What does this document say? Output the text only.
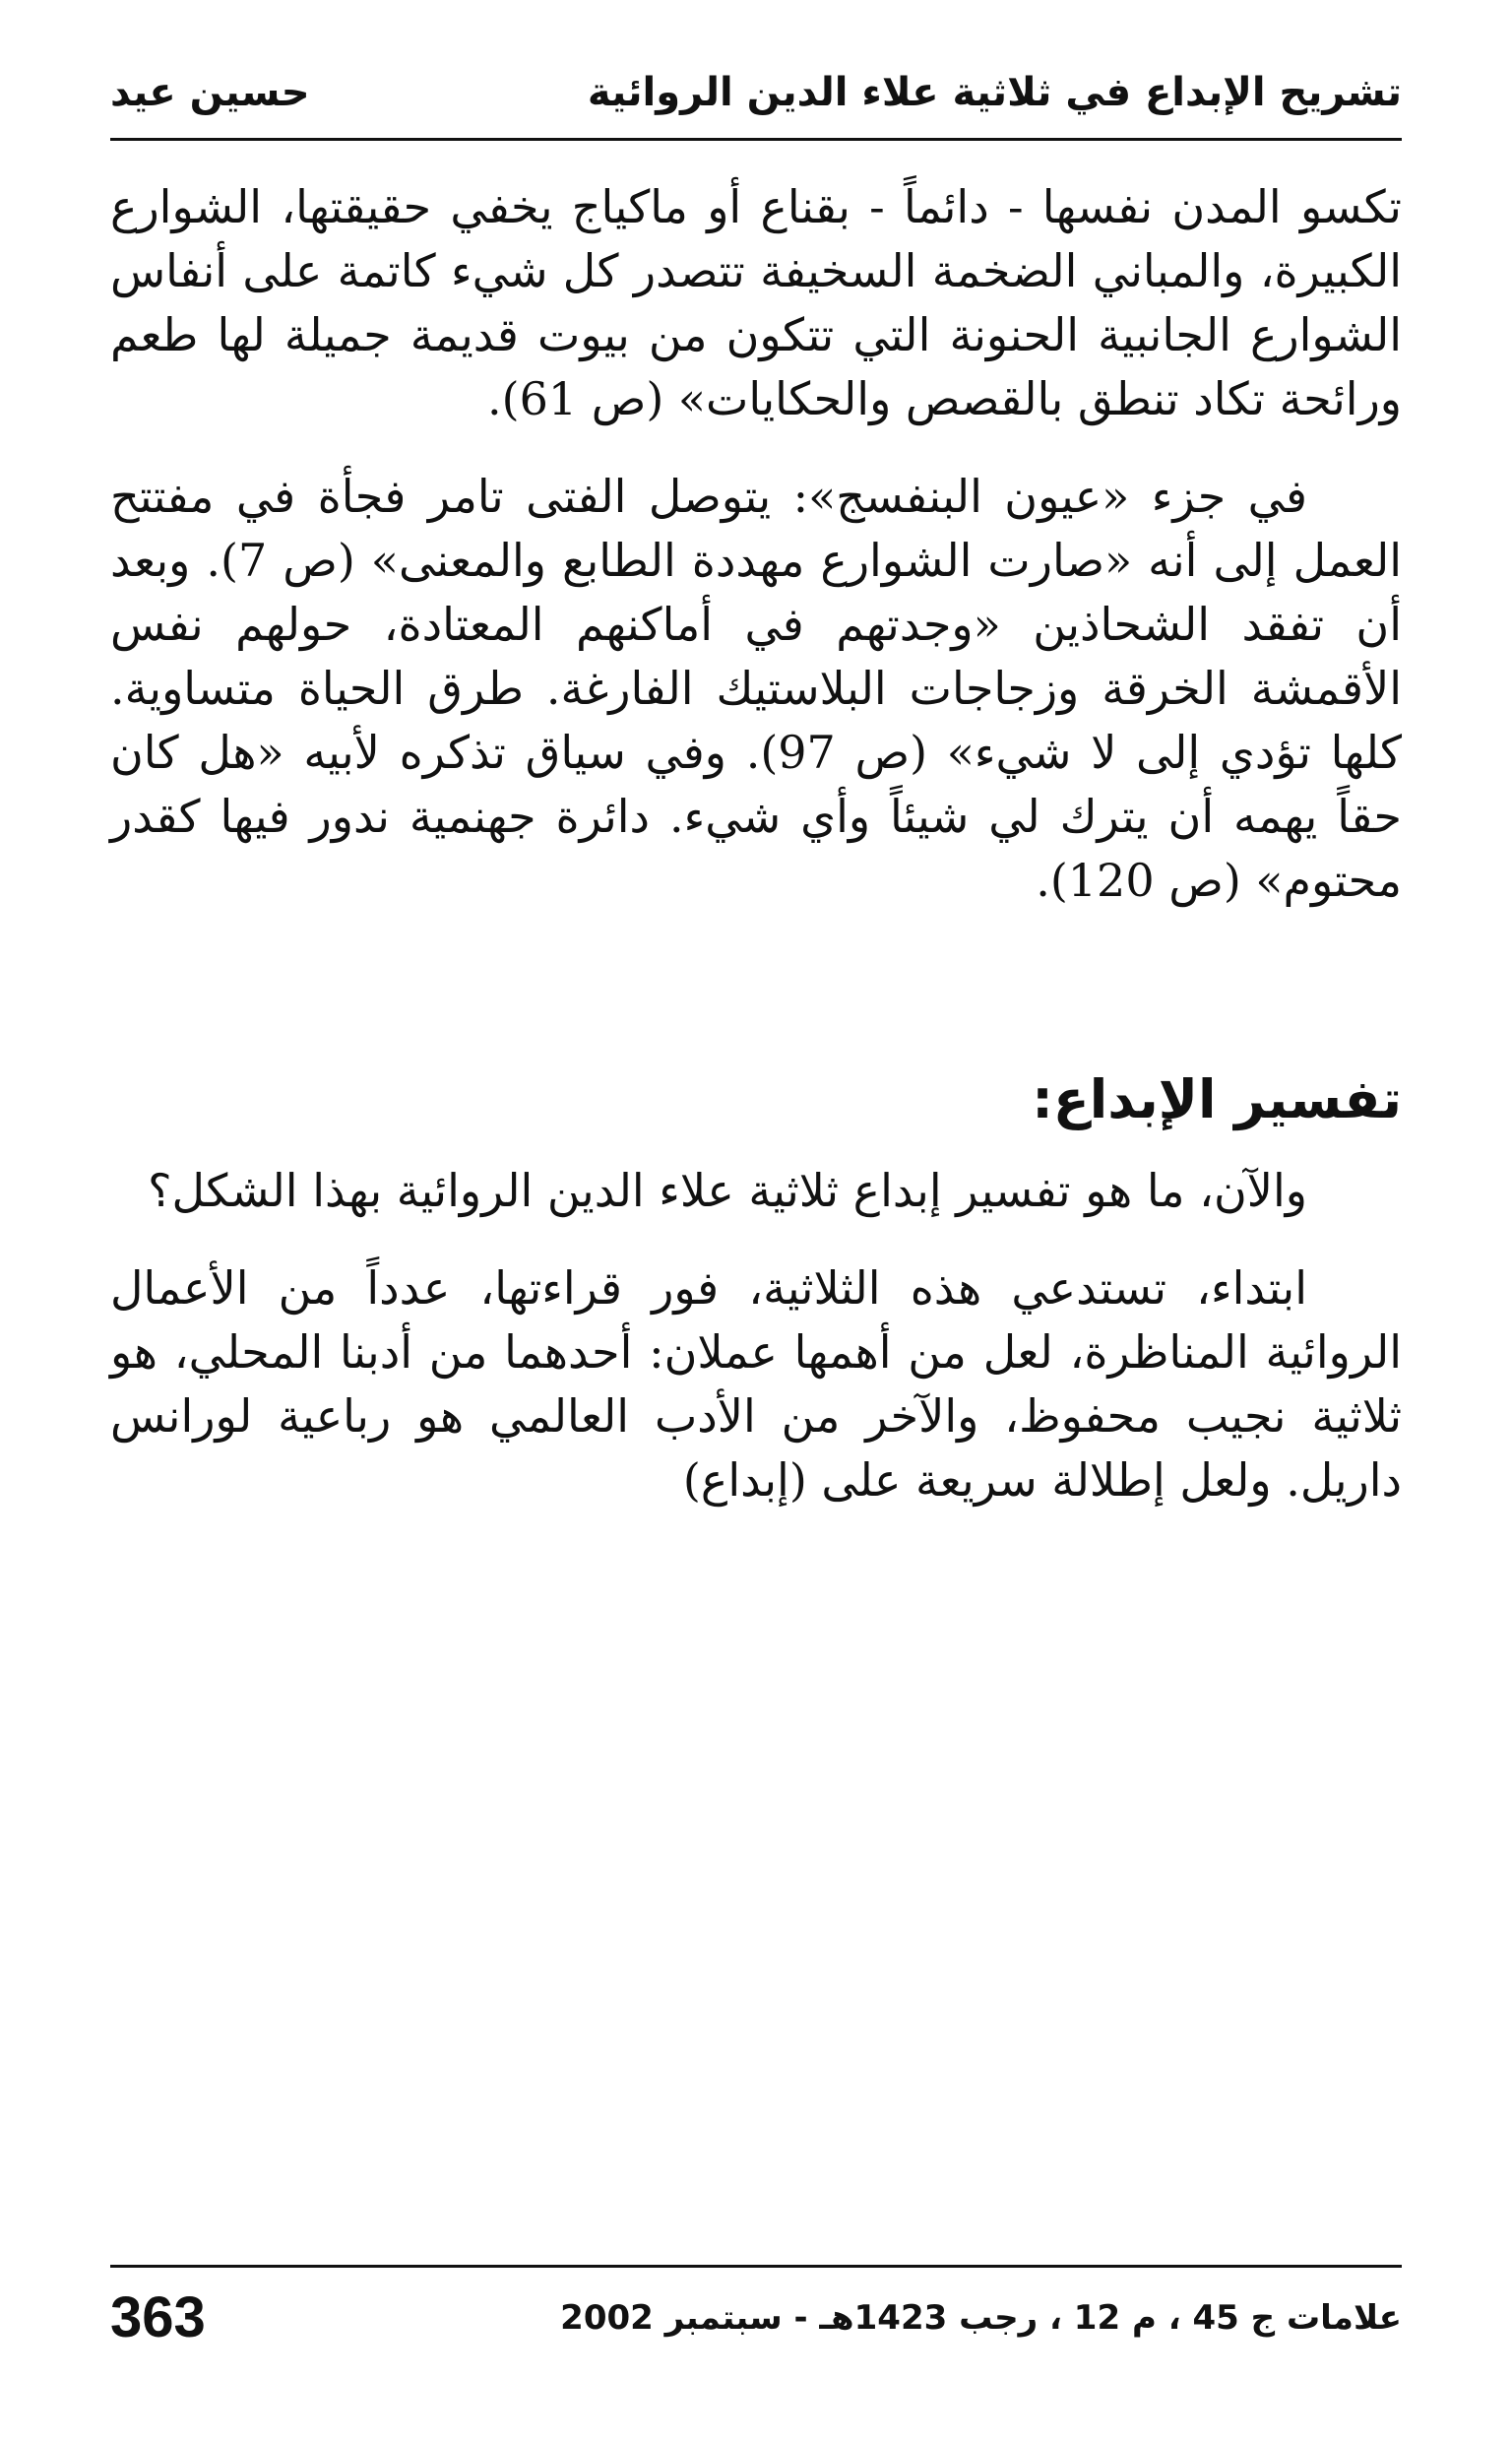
تشريح الإبداع في ثلاثية علاء الدين الروائية
حسين عيد

تكسو المدن نفسها - دائماً - بقناع أو ماكياج يخفي حقيقتها، الشوارع الكبيرة، والمباني الضخمة السخيفة تتصدر كل شيء كاتمة على أنفاس الشوارع الجانبية الحنونة التي تتكون من بيوت قديمة جميلة لها طعم ورائحة تكاد تنطق بالقصص والحكايات» (ص 61).

في جزء «عيون البنفسج»: يتوصل الفتى تامر فجأة في مفتتح العمل إلى أنه «صارت الشوارع مهددة الطابع والمعنى» (ص 7). وبعد أن تفقد الشحاذين «وجدتهم في أماكنهم المعتادة، حولهم نفس الأقمشة الخرقة وزجاجات البلاستيك الفارغة. طرق الحياة متساوية. كلها تؤدي إلى لا شيء» (ص 97). وفي سياق تذكره لأبيه «هل كان حقاً يهمه أن يترك لي شيئاً وأي شيء. دائرة جهنمية ندور فيها كقدر محتوم» (ص 120).

تفسير الإبداع:

والآن، ما هو تفسير إبداع ثلاثية علاء الدين الروائية بهذا الشكل؟

ابتداء، تستدعي هذه الثلاثية، فور قراءتها، عدداً من الأعمال الروائية المناظرة، لعل من أهمها عملان: أحدهما من أدبنا المحلي، هو ثلاثية نجيب محفوظ، والآخر من الأدب العالمي هو رباعية لورانس داريل. ولعل إطلالة سريعة على (إبداع)

علامات ج 45 ، م 12 ، رجب 1423هـ - سبتمبر 2002
363
